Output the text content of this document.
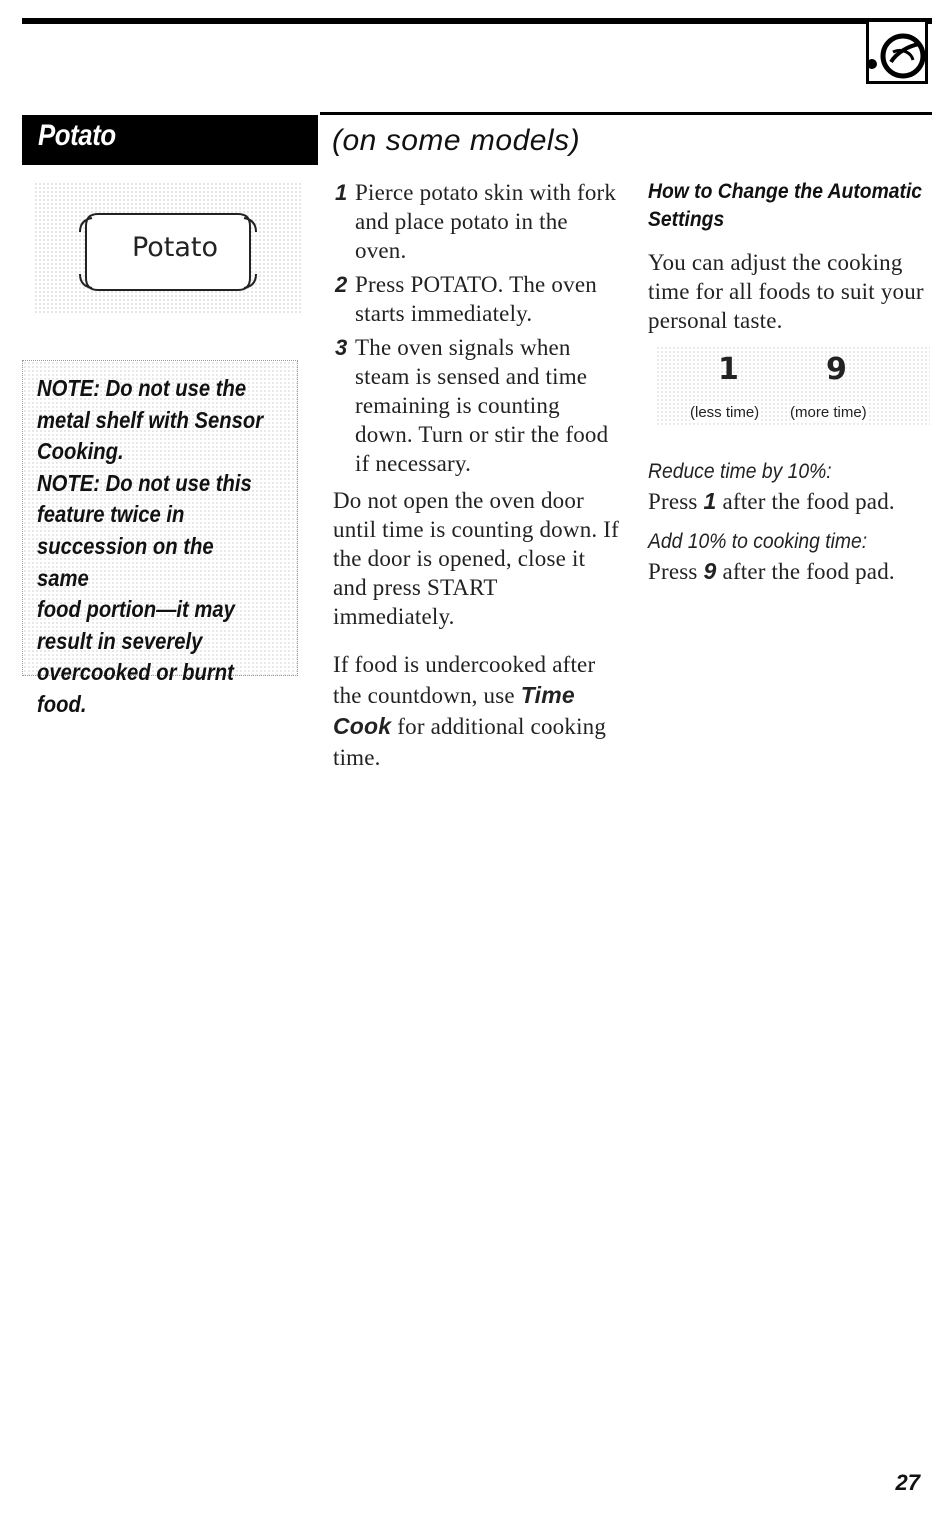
Potato	(on some models)
Potato

NOTE: Do not use the

metal shelf with Sensor

Cooking.

NOTE: Do not use this

feature twice in

succession on the same

food portion—it may

result in severely

overcooked or burnt food.

1 Pierce potato skin with fork and place potato in the oven.
2 Press POTATO. The oven starts immediately.
3 The oven signals when steam is sensed and time remaining is counting down. Turn or stir the food if necessary.

Do not open the oven door until time is counting down. If the door is opened, close it and press START immediately.

If food is undercooked after the countdown, use Time Cook for additional cooking time.

How to Change the Automatic Settings

You can adjust the cooking time for all foods to suit your personal taste.

1	9
(less time) (more time)
Reduce time by 10%:
Press 1 after the food pad.
Add 10% to cooking time:
Press 9 after the food pad.
27
